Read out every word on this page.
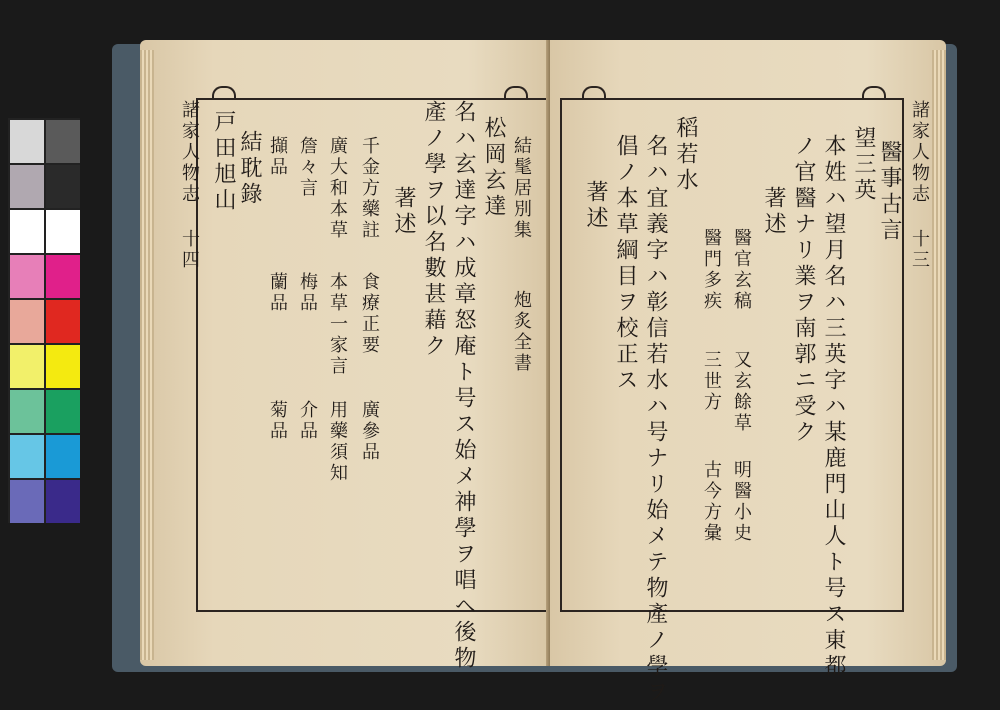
諸家人物志 十四 戸田旭山 結耽錄 擷品
蘭品
菊品
詹々言
梅品
介品
廣大和本草
本草一家言
用藥須知
千金方藥註
食療正要
廣參品
著述 產ノ學ヲ以名數甚藉ク 名ハ玄達字ハ成章怒庵ト号ス始メ神學ヲ唱ヘ後物 松岡玄達 結髦居別集
炮炙全書
諸家人物志 十三
醫事古言
望三英
本姓ハ望月名ハ三英字ハ某鹿門山人ト号ス東都
ノ官醫ナリ業ヲ南郭ニ受ク
著述
醫官玄稿
又玄餘草
明醫小史
醫門多疾
三世方
古今方彙
稻若水
名ハ宜義字ハ彰信若水ハ号ナリ始メテ物產ノ學ヲ
倡ノ本草綱目ヲ校正ス
著述
